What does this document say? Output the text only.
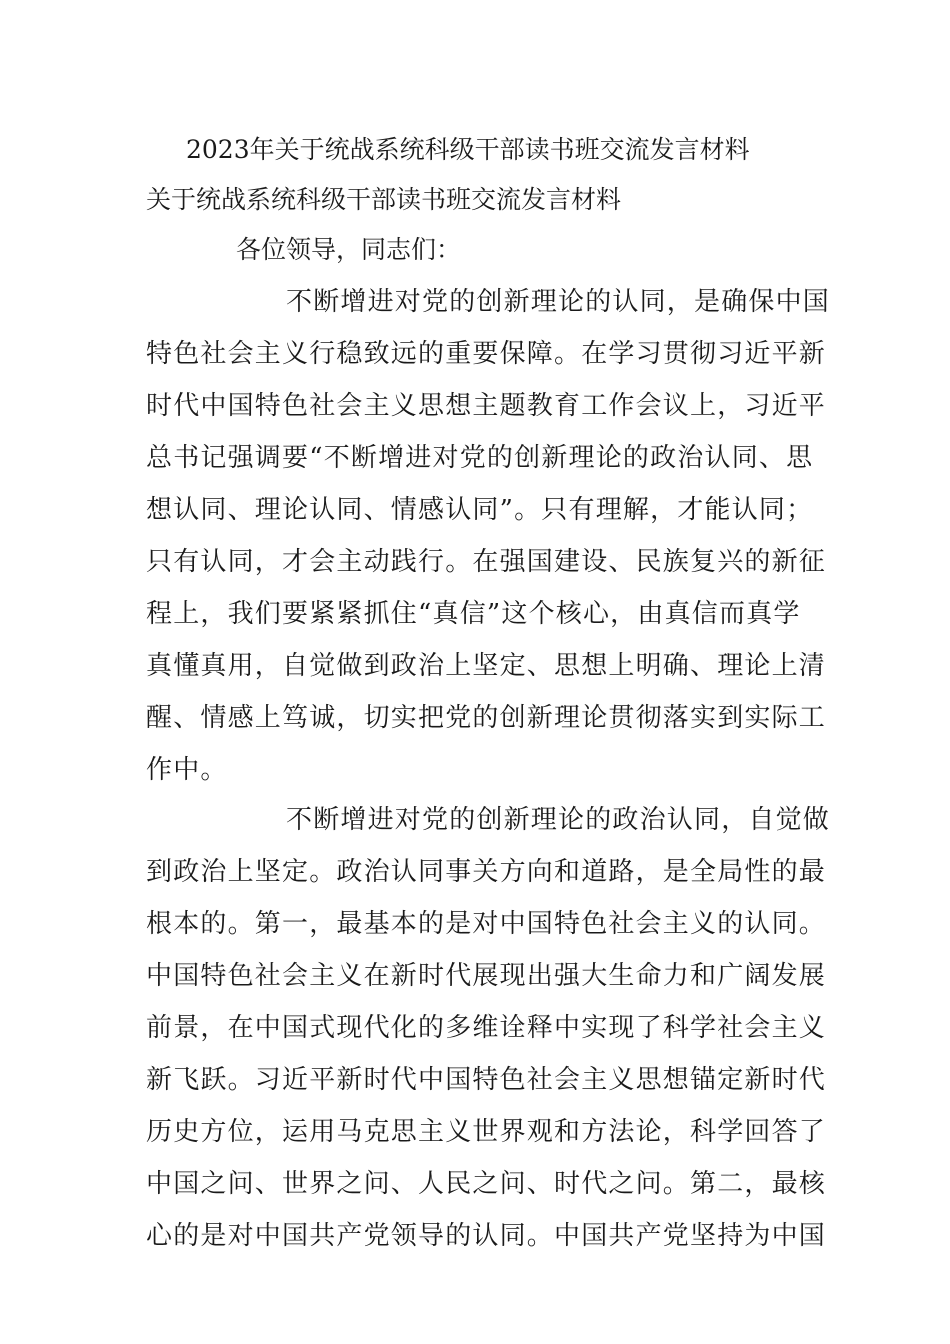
2023年关于统战系统科级干部读书班交流发言材料
关于统战系统科级干部读书班交流发言材料
各位领导，同志们：
不断增进对党的创新理论的认同，是确保中国
特色社会主义行稳致远的重要保障。在学习贯彻习近平新
时代中国特色社会主义思想主题教育工作会议上，习近平
总书记强调要“不断增进对党的创新理论的政治认同、思
想认同、理论认同、情感认同”。只有理解，才能认同；
只有认同，才会主动践行。在强国建设、民族复兴的新征
程上，我们要紧紧抓住“真信”这个核心，由真信而真学
真懂真用，自觉做到政治上坚定、思想上明确、理论上清
醒、情感上笃诚，切实把党的创新理论贯彻落实到实际工
作中。
不断增进对党的创新理论的政治认同，自觉做
到政治上坚定。政治认同事关方向和道路，是全局性的最
根本的。第一，最基本的是对中国特色社会主义的认同。
中国特色社会主义在新时代展现出强大生命力和广阔发展
前景，在中国式现代化的多维诠释中实现了科学社会主义
新飞跃。习近平新时代中国特色社会主义思想锚定新时代
历史方位，运用马克思主义世界观和方法论，科学回答了
中国之问、世界之问、人民之问、时代之问。第二，最核
心的是对中国共产党领导的认同。中国共产党坚持为中国
